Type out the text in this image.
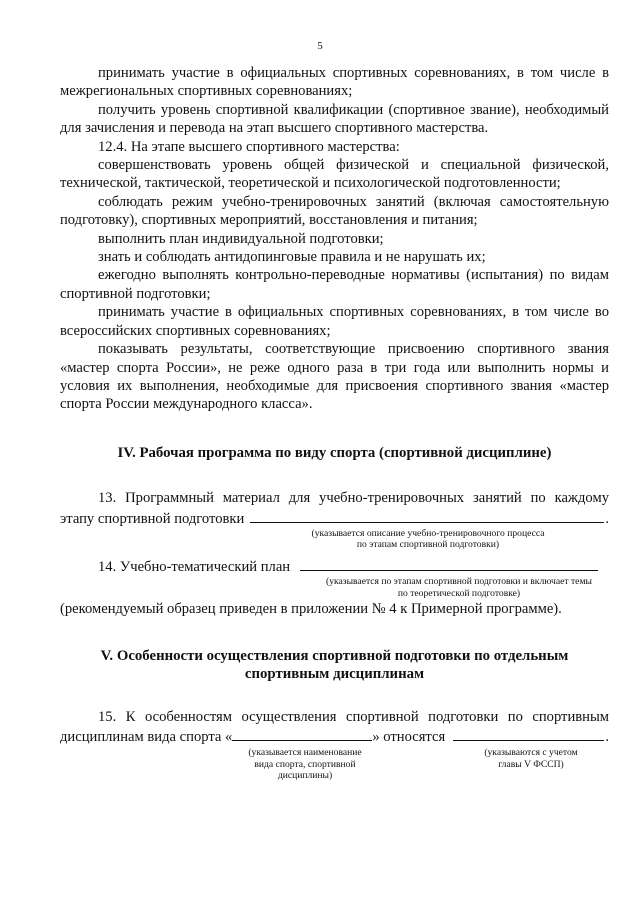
5

принимать участие в официальных спортивных соревнованиях, в том числе в межрегиональных спортивных соревнованиях;

получить уровень спортивной квалификации (спортивное звание), необходимый для зачисления и перевода на этап высшего спортивного мастерства.

12.4. На этапе высшего спортивного мастерства:

совершенствовать уровень общей физической и специальной физической, технической, тактической, теоретической и психологической подготовленности;

соблюдать режим учебно-тренировочных занятий (включая самостоятельную подготовку), спортивных мероприятий, восстановления и питания;

выполнить план индивидуальной подготовки;

знать и соблюдать антидопинговые правила и не нарушать их;

ежегодно выполнять контрольно-переводные нормативы (испытания) по видам спортивной подготовки;

принимать участие в официальных спортивных соревнованиях, в том числе во всероссийских спортивных соревнованиях;

показывать результаты, соответствующие присвоению спортивного звания «мастер спорта России», не реже одного раза в три года или выполнить нормы и условия их выполнения, необходимые для присвоения спортивного звания «мастер спорта России международного класса».

IV. Рабочая программа по виду спорта (спортивной дисциплине)

13. Программный материал для учебно-тренировочных занятий по каждому
этапу спортивной подготовки	.
(указывается описание учебно-тренировочного процесса
по этапам спортивной подготовки)
14. Учебно-тематический план
(указывается по этапам спортивной подготовки и включает темы
по теоретической подготовке)

(рекомендуемый образец приведен в приложении № 4 к Примерной программе).

V. Особенности осуществления спортивной подготовки по отдельным
спортивным дисциплинам

15. К особенностям осуществления спортивной подготовки по спортивным
дисциплинам вида спорта «	» относятся	.
(указывается наименование
вида спорта, спортивной
дисциплины)
(указываются с учетом
главы V ФССП)
